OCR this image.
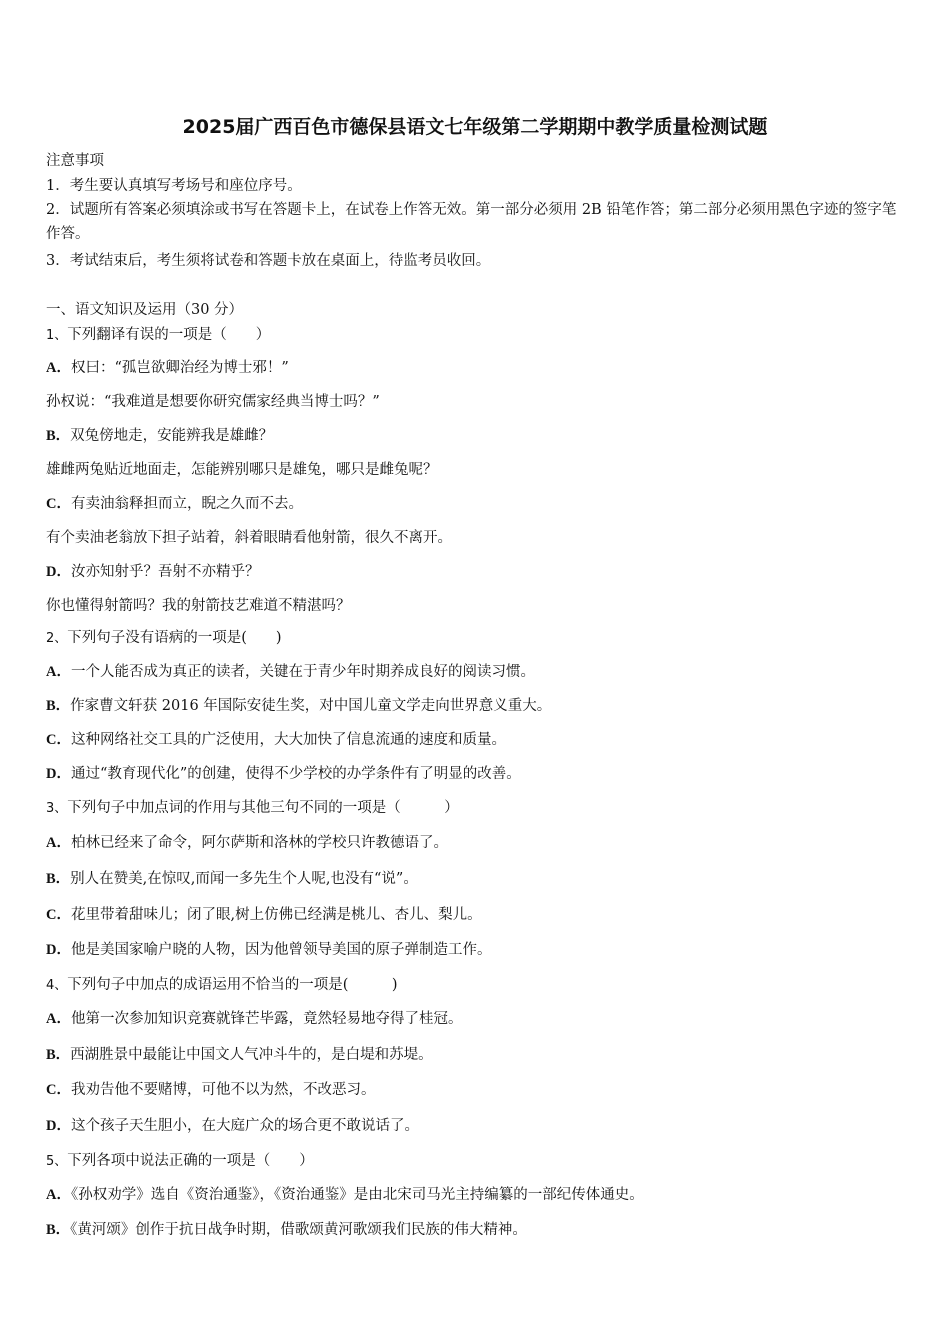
2025届广西百色市德保县语文七年级第二学期期中教学质量检测试题
注意事项
1．考生要认真填写考场号和座位序号。
2．试题所有答案必须填涂或书写在答题卡上，在试卷上作答无效。第一部分必须用 2B 铅笔作答；第二部分必须用黑色字迹的签字笔作答。
3．考试结束后，考生须将试卷和答题卡放在桌面上，待监考员收回。
一、语文知识及运用（30 分）
1、下列翻译有误的一项是（　　）
A．权曰：“孤岂欲卿治经为博士邪！”
孙权说：“我难道是想要你研究儒家经典当博士吗？”
B．双兔傍地走，安能辨我是雄雌？
雄雌两兔贴近地面走，怎能辨别哪只是雄兔，哪只是雌兔呢？
C．有卖油翁释担而立，睨之久而不去。
有个卖油老翁放下担子站着，斜着眼睛看他射箭，很久不离开。
D．汝亦知射乎？吾射不亦精乎？
你也懂得射箭吗？我的射箭技艺难道不精湛吗？
2、下列句子没有语病的一项是(　　)
A．一个人能否成为真正的读者，关键在于青少年时期养成良好的阅读习惯。
B．作家曹文轩获 2016 年国际安徒生奖，对中国儿童文学走向世界意义重大。
C．这种网络社交工具的广泛使用，大大加快了信息流通的速度和质量。
D．通过“教育现代化”的创建，使得不少学校的办学条件有了明显的改善。
3、下列句子中加点词的作用与其他三句不同的一项是（　　　）
A．柏林已经来了命令，阿尔萨斯和洛林的学校只许教德语了。
B．别人在赞美,在惊叹,而闻一多先生个人呢,也没有“说”。
C．花里带着甜味儿；闭了眼,树上仿佛已经满是桃儿、杏儿、梨儿。
D．他是美国家喻户晓的人物，因为他曾领导美国的原子弹制造工作。
4、下列句子中加点的成语运用不恰当的一项是(　　　)
A．他第一次参加知识竞赛就锋芒毕露，竟然轻易地夺得了桂冠。
B．西湖胜景中最能让中国文人气冲斗牛的，是白堤和苏堤。
C．我劝告他不要赌博，可他不以为然，不改恶习。
D．这个孩子天生胆小，在大庭广众的场合更不敢说话了。
5、下列各项中说法正确的一项是（　　）
A．《孙权劝学》选自《资治通鉴》，《资治通鉴》是由北宋司马光主持编纂的一部纪传体通史。
B．《黄河颂》创作于抗日战争时期，借歌颂黄河歌颂我们民族的伟大精神。
